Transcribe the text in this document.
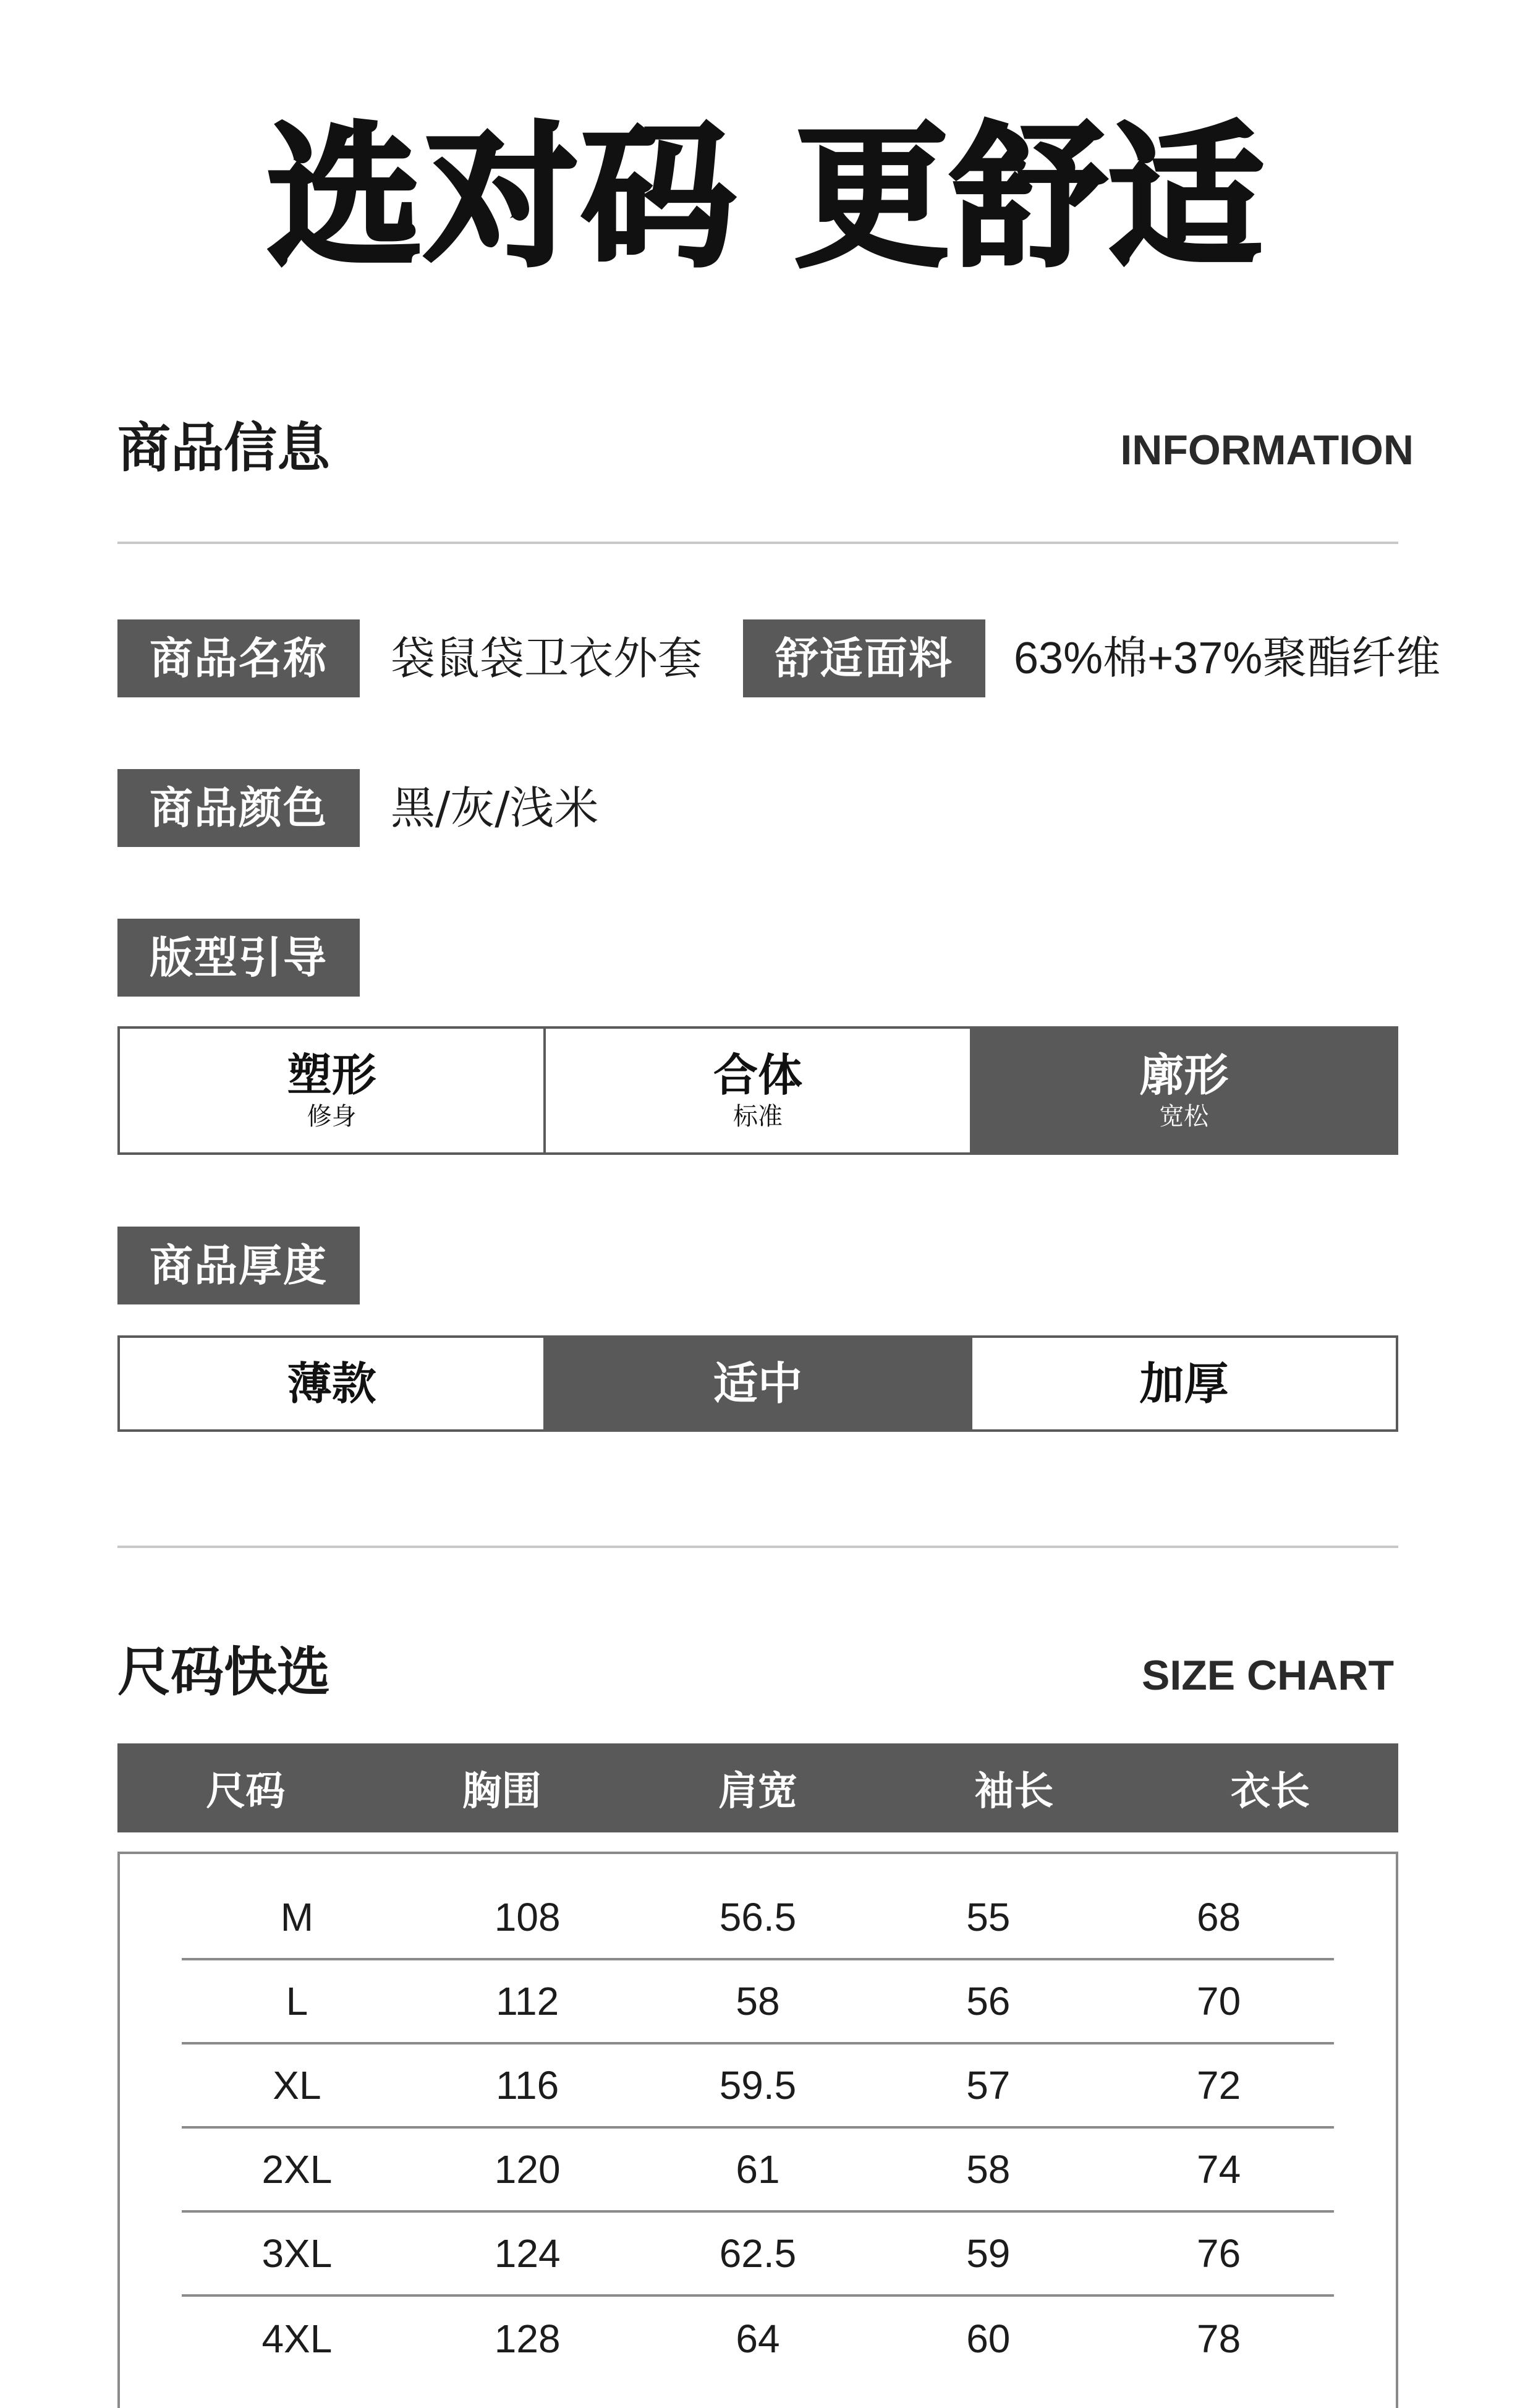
选对码 更舒适
商品信息	INFORMATION
商品名称	袋鼠袋卫衣外套	舒适面料	63%棉+37%聚酯纤维
商品颜色	黑/灰/浅米
版型引导
塑形
修身
合体
标准
廓形
宽松
商品厚度
薄款	适中	加厚
尺码快选	SIZE CHART
尺码	胸围	肩宽	袖长	衣长
M	108	56.5	55	68
L	112	58	56	70
XL	116	59.5	57	72
2XL	120	61	58	74
3XL	124	62.5	59	76
4XL	128	64	60	78
